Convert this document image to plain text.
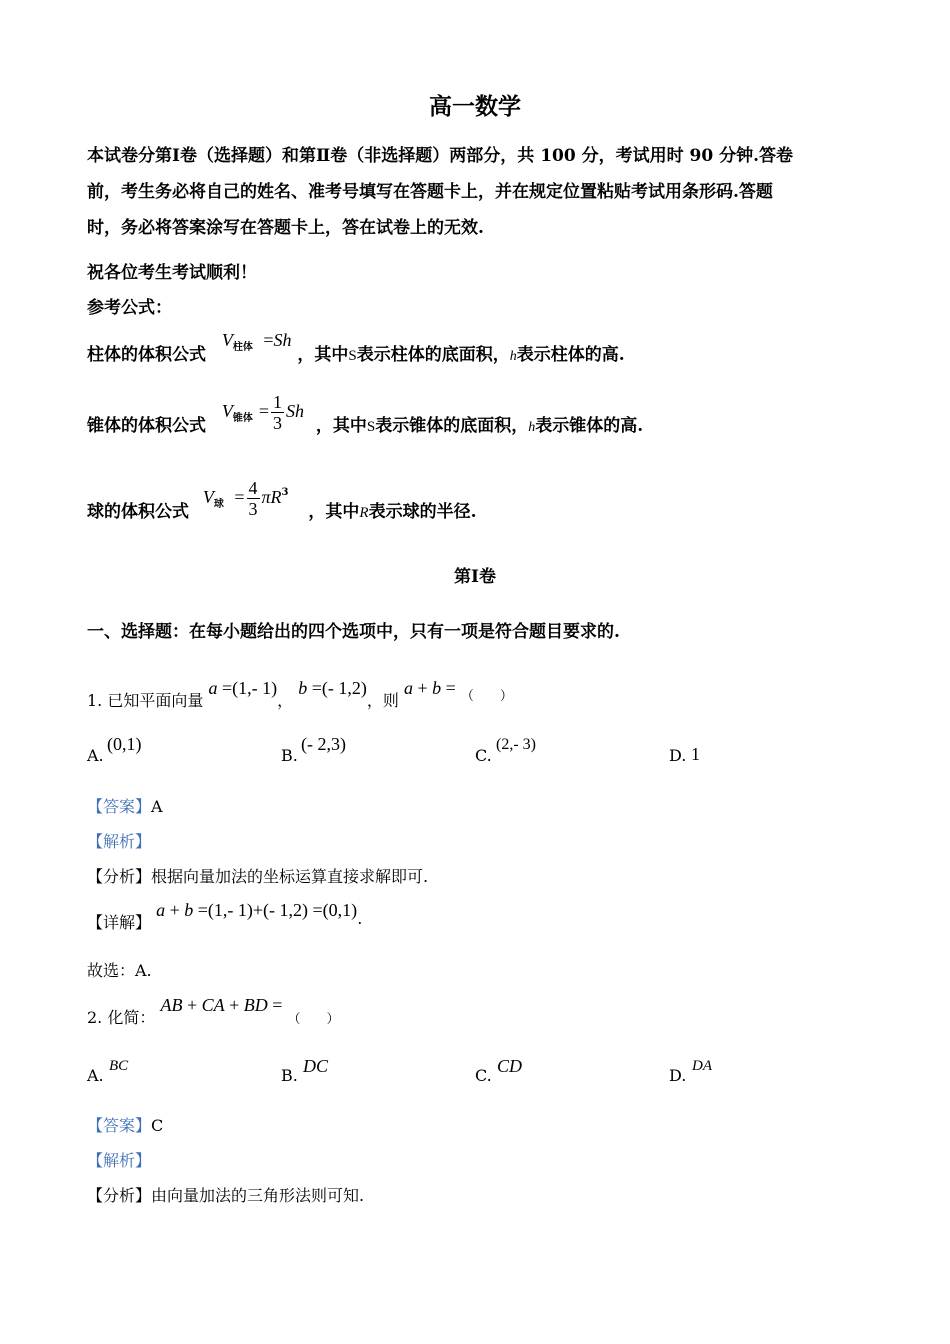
高一数学
本试卷分第Ⅰ卷（选择题）和第Ⅱ卷（非选择题）两部分，共 100 分，考试用时 90 分钟.答卷
前，考生务必将自己的姓名、准考号填写在答题卡上，并在规定位置粘贴考试用条形码.答题
时，务必将答案涂写在答题卡上，答在试卷上的无效.
祝各位考生考试顺利！
参考公式：
柱体的体积公式 $V_{柱体} =Sh$ ，其中S表示柱体的底面积，h表示柱体的高.
锥体的体积公式 $V_{锥体} = \frac{1}{3}$ Sh ，其中S表示锥体的底面积，h表示锥体的高.
球的体积公式 $V_球 = \frac{4}{3} \pi R^3$ ，其中R表示球的半径.
第Ⅰ卷
一、选择题：在每小题给出的四个选项中，只有一项是符合题目要求的.
1. 已知平面向量 a =(1,- 1)， b =(- 1,2)，则 a + b = $_{( )}$
A.
(0,1)
B.
(- 2,3)
C.
(2,- 3)
D. 1
【答案】A
【解析】
【分析】根据向量加法的坐标运算直接求解即可.
【详解】 a + b =(1,- 1)+(- 1,2) =(0,1).
故选：A.
2. 化简： AB + CA + BD = $_{( )}$
A. BC	B. DC	C. CD	D. DA
【答案】C
【解析】
【分析】由向量加法的三角形法则可知.
